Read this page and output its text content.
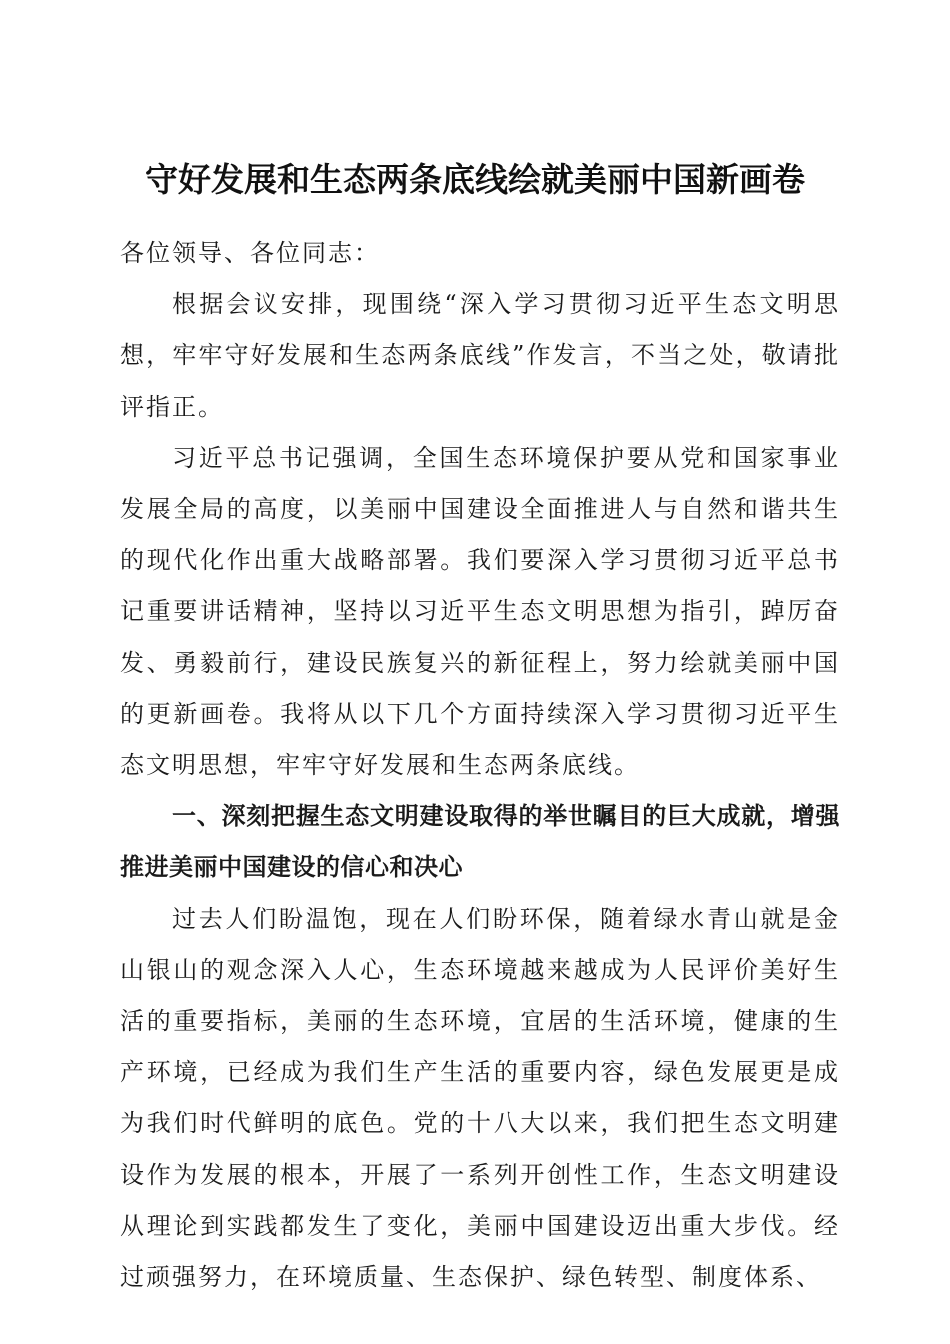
守好发展和生态两条底线绘就美丽中国新画卷

各位领导、各位同志：

根据会议安排，现围绕“深入学习贯彻习近平生态文明思想，牢牢守好发展和生态两条底线”作发言，不当之处，敬请批评指正。

习近平总书记强调，全国生态环境保护要从党和国家事业发展全局的高度，以美丽中国建设全面推进人与自然和谐共生的现代化作出重大战略部署。我们要深入学习贯彻习近平总书记重要讲话精神，坚持以习近平生态文明思想为指引，踔厉奋发、勇毅前行，建设民族复兴的新征程上，努力绘就美丽中国的更新画卷。我将从以下几个方面持续深入学习贯彻习近平生态文明思想，牢牢守好发展和生态两条底线。

一、深刻把握生态文明建设取得的举世瞩目的巨大成就，增强推进美丽中国建设的信心和决心

过去人们盼温饱，现在人们盼环保，随着绿水青山就是金山银山的观念深入人心，生态环境越来越成为人民评价美好生活的重要指标，美丽的生态环境，宜居的生活环境，健康的生产环境，已经成为我们生产生活的重要内容，绿色发展更是成为我们时代鲜明的底色。党的十八大以来，我们把生态文明建设作为发展的根本，开展了一系列开创性工作，生态文明建设从理论到实践都发生了变化，美丽中国建设迈出重大步伐。经过顽强努力，在环境质量、生态保护、绿色转型、制度体系、
